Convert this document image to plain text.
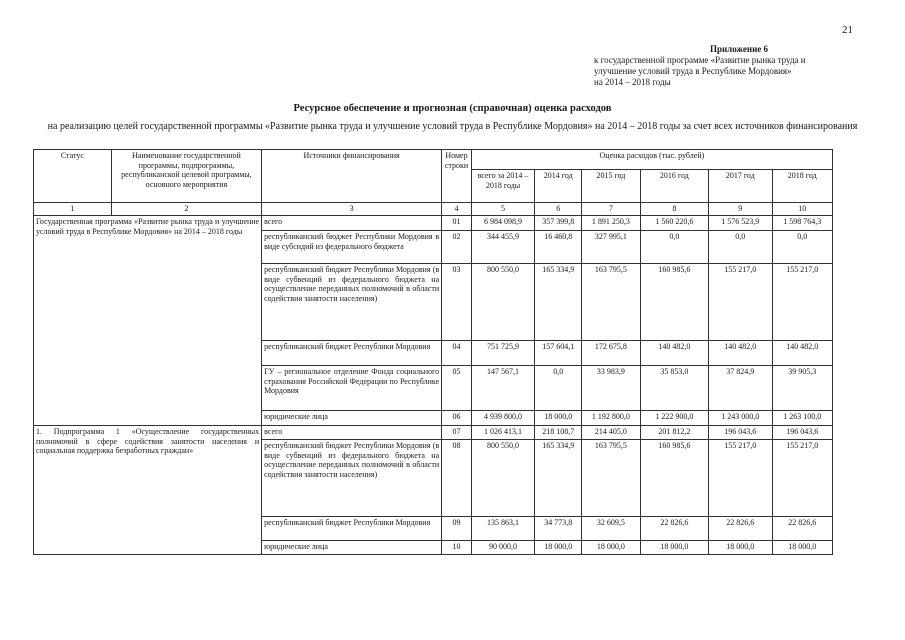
21
Приложение 6
к государственной программе «Развитие рынка труда и
улучшение условий труда в Республике Мордовия»
на 2014 – 2018 годы
Ресурсное обеспечение и прогнозная (справочная) оценка расходов
на реализацию целей государственной программы «Развитие рынка труда и улучшение условий труда в Республике Мордовия» на 2014 – 2018 годы за счет всех источников финансирования
Статус	Наименование государственной программы, подпрограммы, республиканской целевой программы, основного мероприятия	Источники финансирования	Номер строки	Оценка расходов (тыс. рублей)					
				всего за 2014 – 2018 годы	2014 год	2015 год	2016 год	2017 год	2018 год
1	2	3	4	5	6	7	8	9	10
Государственная программа «Развитие рынка труда и улучшение условий труда в Республике Мордовия» на 2014 – 2018 годы		всего	01	6 984 098,9	357 399,8	1 891 250,3	1 560 220,6	1 576 523,9	1 598 764,3
		республиканский бюджет Республики Мордовия в виде субсидий из федерального бюджета	02	344 455,9	16 460,8	327 995,1	0,0	0,0	0,0
		республиканский бюджет Республики Мордовия (в виде субвенций из федерального бюджета на осуществление переданных полномочий в области содействия занятости населения)	03	800 550,0	165 334,9	163 795,5	160 985,6	155 217,0	155 217,0
		республиканский бюджет Республики Мордовия	04	751 725,9	157 604,1	172 675,8	140 482,0	140 482,0	140 482,0
		ГУ – региональное отделение Фонда социального страхования Российской Федерации по Республике Мордовия	05	147 567,1	0,0	33 983,9	35 853,0	37 824,9	39 905,3
		юридические лица	06	4 939 800,0	18 000,0	1 192 800,0	1 222 900,0	1 243 000,0	1 263 100,0
1. Подпрограмма 1 «Осуществление государственных полномочий в сфере содействия занятости населения и социальная поддержка безработных граждан»		всего	07	1 026 413,1	218 108,7	214 405,0	201 812,2	196 043,6	196 043,6
		республиканский бюджет Республики Мордовия (в виде субвенций из федерального бюджета на осуществление переданных полномочий в области содействия занятости населения)	08	800 550,0	165 334,9	163 795,5	160 985,6	155 217,0	155 217,0
		республиканский бюджет Республики Мордовия	09	135 863,1	34 773,8	32 609,5	22 826,6	22 826,6	22 826,6
		юридические лица	10	90 000,0	18 000,0	18 000,0	18 000,0	18 000,0	18 000,0
